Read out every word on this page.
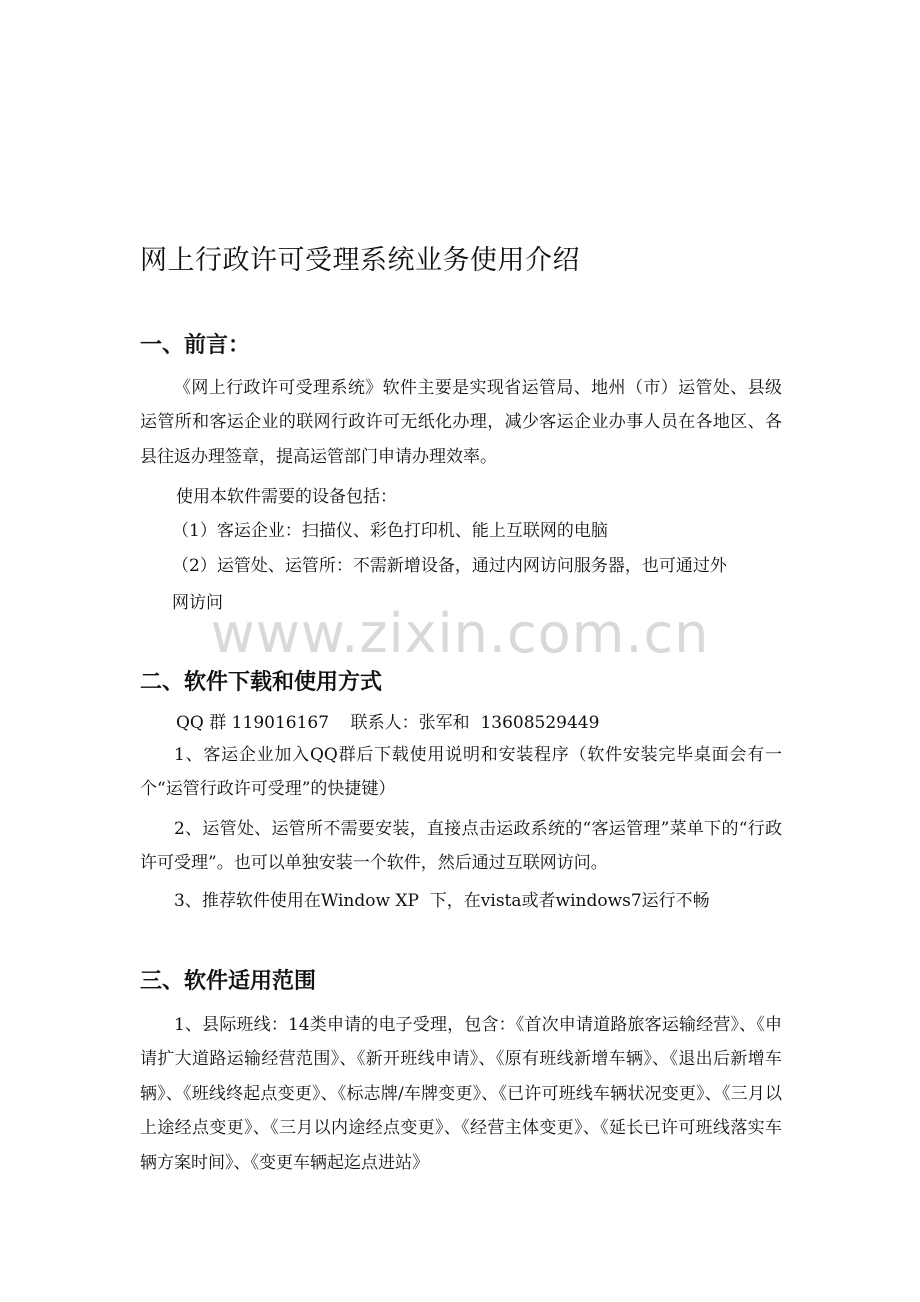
网上行政许可受理系统业务使用介绍
一、前言：
《网上行政许可受理系统》软件主要是实现省运管局、地州（市）运管处、县级运管所和客运企业的联网行政许可无纸化办理，减少客运企业办事人员在各地区、各县往返办理签章，提高运管部门申请办理效率。
使用本软件需要的设备包括：
（1）客运企业：扫描仪、彩色打印机、能上互联网的电脑
（2）运管处、运管所：不需新增设备，通过内网访问服务器，也可通过外
网访问
www.zixin.com.cn
二、软件下载和使用方式
QQ 群 119016167    联系人：张军和  13608529449
1、客运企业加入QQ群后下载使用说明和安装程序（软件安装完毕桌面会有一个“运管行政许可受理”的快捷键）
2、运管处、运管所不需要安装，直接点击运政系统的“客运管理”菜单下的“行政许可受理”。也可以单独安装一个软件，然后通过互联网访问。
3、推荐软件使用在Window XP  下，在vista或者windows7运行不畅
三、软件适用范围
1、县际班线：14类申请的电子受理，包含：《首次申请道路旅客运输经营》、《申请扩大道路运输经营范围》、《新开班线申请》、《原有班线新增车辆》、《退出后新增车辆》、《班线终起点变更》、《标志牌/车牌变更》、《已许可班线车辆状况变更》、《三月以上途经点变更》、《三月以内途经点变更》、《经营主体变更》、《延长已许可班线落实车辆方案时间》、《变更车辆起迄点进站》
